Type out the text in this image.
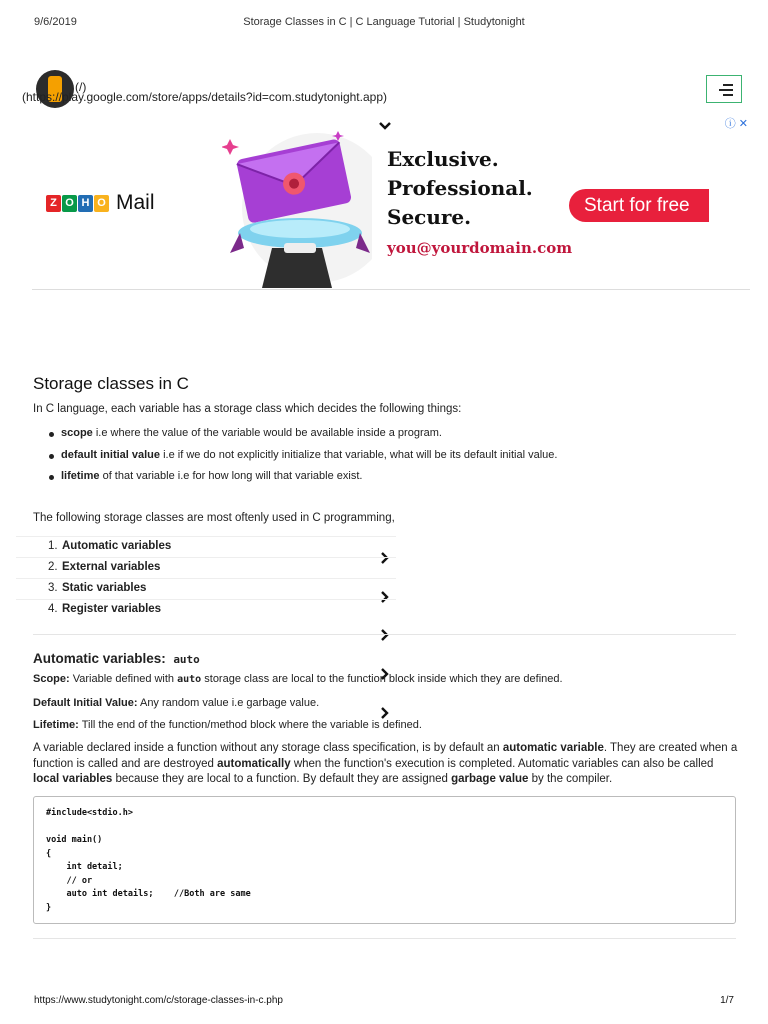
9/6/2019	Storage Classes in C | C Language Tutorial | Studytonight
(/)
(https://play.google.com/store/apps/details?id=com.studytonight.app)
ⓘ ✕
Z O H O Mail
Exclusive.
Professional.
Secure.
you@yourdomain.com
Start for free
Storage classes in C

In C language, each variable has a storage class which decides the following things:

scope i.e where the value of the variable would be available inside a program.
default initial value i.e if we do not explicitly initialize that variable, what will be its default initial value.
lifetime of that variable i.e for how long will that variable exist.

The following storage classes are most oftenly used in C programming,

1. Automatic variables
2. External variables
3. Static variables
4. Register variables
Automatic variables: auto
Scope: Variable defined with auto storage class are local to the function block inside which they are defined.
Default Initial Value: Any random value i.e garbage value.
Lifetime: Till the end of the function/method block where the variable is defined.

A variable declared inside a function without any storage class specification, is by default an automatic variable. They are created when a function is called and are destroyed automatically when the function's execution is completed. Automatic variables can also be called local variables because they are local to a function. By default they are assigned garbage value by the compiler.

#include<stdio.h>

void main()
{
int detail;
// or
auto int details;    //Both are same
}
https://www.studytonight.com/c/storage-classes-in-c.php	1/7
